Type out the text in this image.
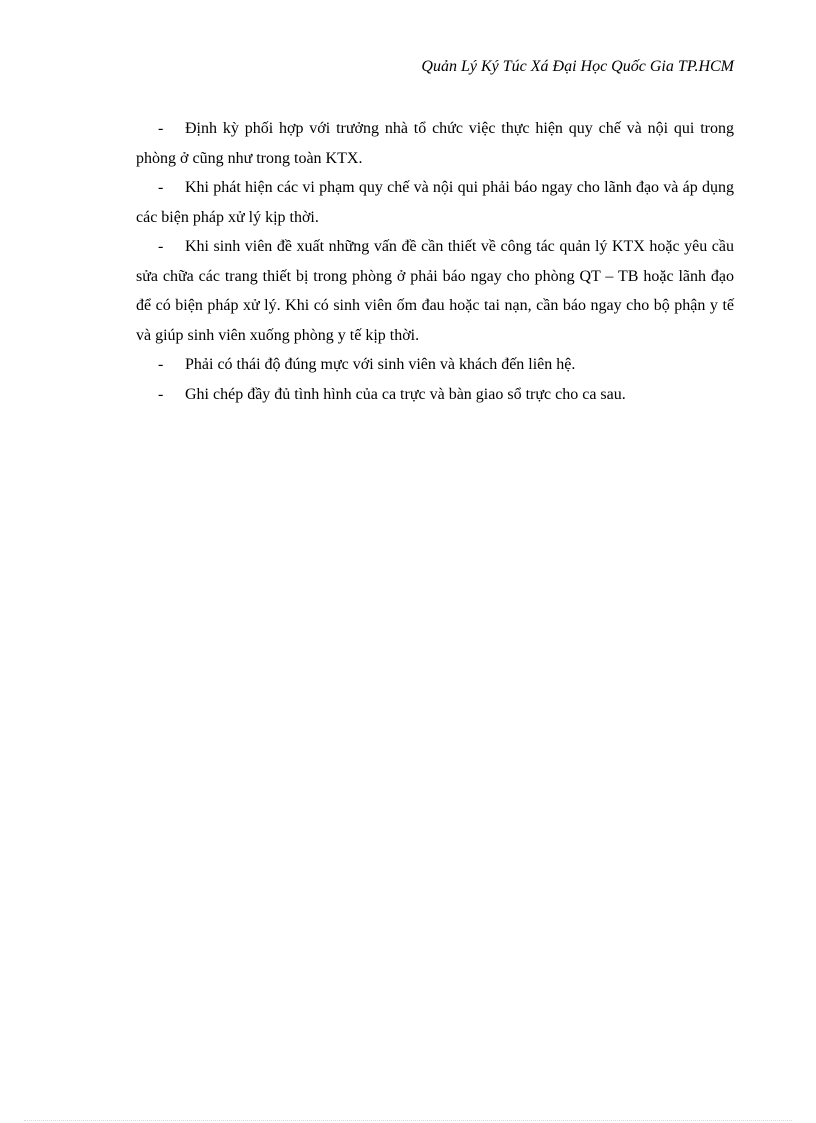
Quản Lý Ký Túc Xá Đại Học Quốc Gia TP.HCM

- Định kỳ phối hợp với trưởng nhà tổ chức việc thực hiện quy chế và nội qui trong phòng ở cũng như trong toàn KTX.

- Khi phát hiện các vi phạm quy chế và nội qui phải báo ngay cho lãnh đạo và áp dụng các biện pháp xử lý kịp thời.

- Khi sinh viên đề xuất những vấn đề cần thiết về công tác quản lý KTX hoặc yêu cầu sửa chữa các trang thiết bị trong phòng ở phải báo ngay cho phòng QT – TB hoặc lãnh đạo để có biện pháp xử lý. Khi có sinh viên ốm đau hoặc tai nạn, cần báo ngay cho bộ phận y tế và giúp sinh viên xuống phòng y tế kịp thời.

- Phải có thái độ đúng mực với sinh viên và khách đến liên hệ.

- Ghi chép đầy đủ tình hình của ca trực và bàn giao sổ trực cho ca sau.
